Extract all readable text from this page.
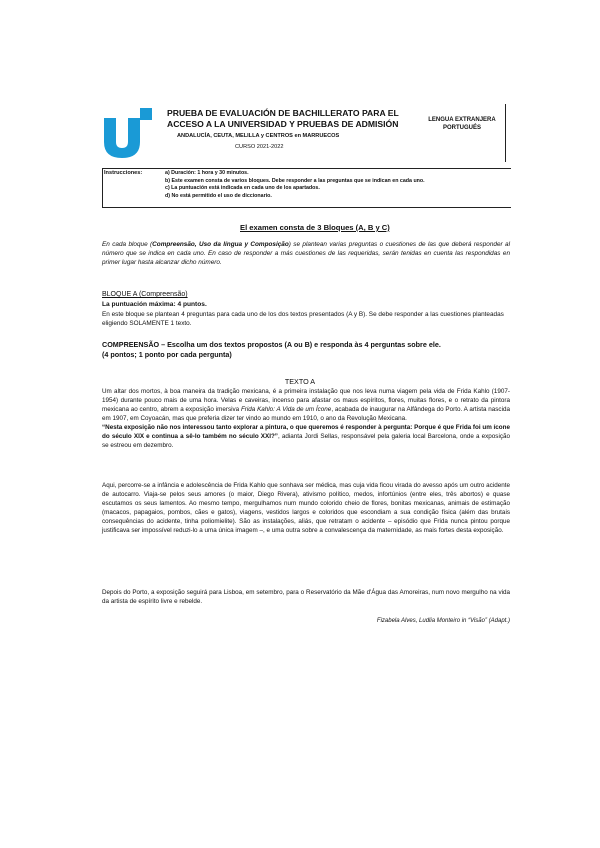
PRUEBA DE EVALUACIÓN DE BACHILLERATO PARA EL ACCESO A LA UNIVERSIDAD Y PRUEBAS DE ADMISIÓN
ANDALUCÍA, CEUTA, MELILLA y CENTROS en MARRUECOS
CURSO 2021-2022
LENGUA EXTRANJERA
PORTUGUÉS
Instrucciones:	a) Duración: 1 hora y 30 minutos.
b) Este examen consta de varios bloques. Debe responder a las preguntas que se indican en cada uno.
c) La puntuación está indicada en cada uno de los apartados.
d) No está permitido el uso de diccionario.
El examen consta de 3 Bloques (A, B y C)
En cada bloque (Compreensão, Uso da língua y Composição) se plantean varias preguntas o cuestiones de las que deberá responder al número que se indica en cada uno. En caso de responder a más cuestiones de las requeridas, serán tenidas en cuenta las respondidas en primer lugar hasta alcanzar dicho número.
BLOQUE A (Compreensão)
La puntuación máxima: 4 puntos.
En este bloque se plantean 4 preguntas para cada uno de los dos textos presentados (A y B). Se debe responder a las cuestiones planteadas eligiendo SOLAMENTE 1 texto.
COMPREENSÃO – Escolha um dos textos propostos (A ou B) e responda às 4 perguntas sobre ele.
(4 pontos; 1 ponto por cada pergunta)
TEXTO A
Um altar dos mortos, à boa maneira da tradição mexicana, é a primeira instalação que nos leva numa viagem pela vida de Frida Kahlo (1907-1954) durante pouco mais de uma hora. Velas e caveiras, incenso para afastar os maus espíritos, flores, muitas flores, e o retrato da pintora mexicana ao centro, abrem a exposição imersiva Frida Kahlo: A Vida de um Ícone, acabada de inaugurar na Alfândega do Porto. A artista nascida em 1907, em Coyoacán, mas que preferia dizer ter vindo ao mundo em 1910, o ano da Revolução Mexicana.
“Nesta exposição não nos interessou tanto explorar a pintura, o que queremos é responder à pergunta: Porque é que Frida foi um ícone do século XIX e continua a sê-lo também no século XXI?”, adianta Jordi Sellas, responsável pela galeria local Barcelona, onde a exposição se estreou em dezembro.
Aqui, percorre-se a infância e adolescência de Frida Kahlo que sonhava ser médica, mas cuja vida ficou virada do avesso após um outro acidente de autocarro. Viaja-se pelos seus amores (o maior, Diego Rivera), ativismo político, medos, infortúnios (entre eles, três abortos) e quase escutamos os seus lamentos. Ao mesmo tempo, mergulhamos num mundo colorido cheio de flores, bonitas mexicanas, animais de estimação (macacos, papagaios, pombos, cães e gatos), viagens, vestidos largos e coloridos que escondiam a sua condição física (além das brutais consequências do acidente, tinha poliomielite). São as instalações, aliás, que retratam o acidente – episódio que Frida nunca pintou porque justificava ser impossível reduzi-lo a uma única imagem –, e uma outra sobre a convalescença da maternidade, as mais fortes desta exposição.
Depois do Porto, a exposição seguirá para Lisboa, em setembro, para o Reservatório da Mãe d'Água das Amoreiras, num novo mergulho na vida da artista de espírito livre e rebelde.
Fizabela Alves, Ludlia Monteiro in “Visão” (Adapt.)
